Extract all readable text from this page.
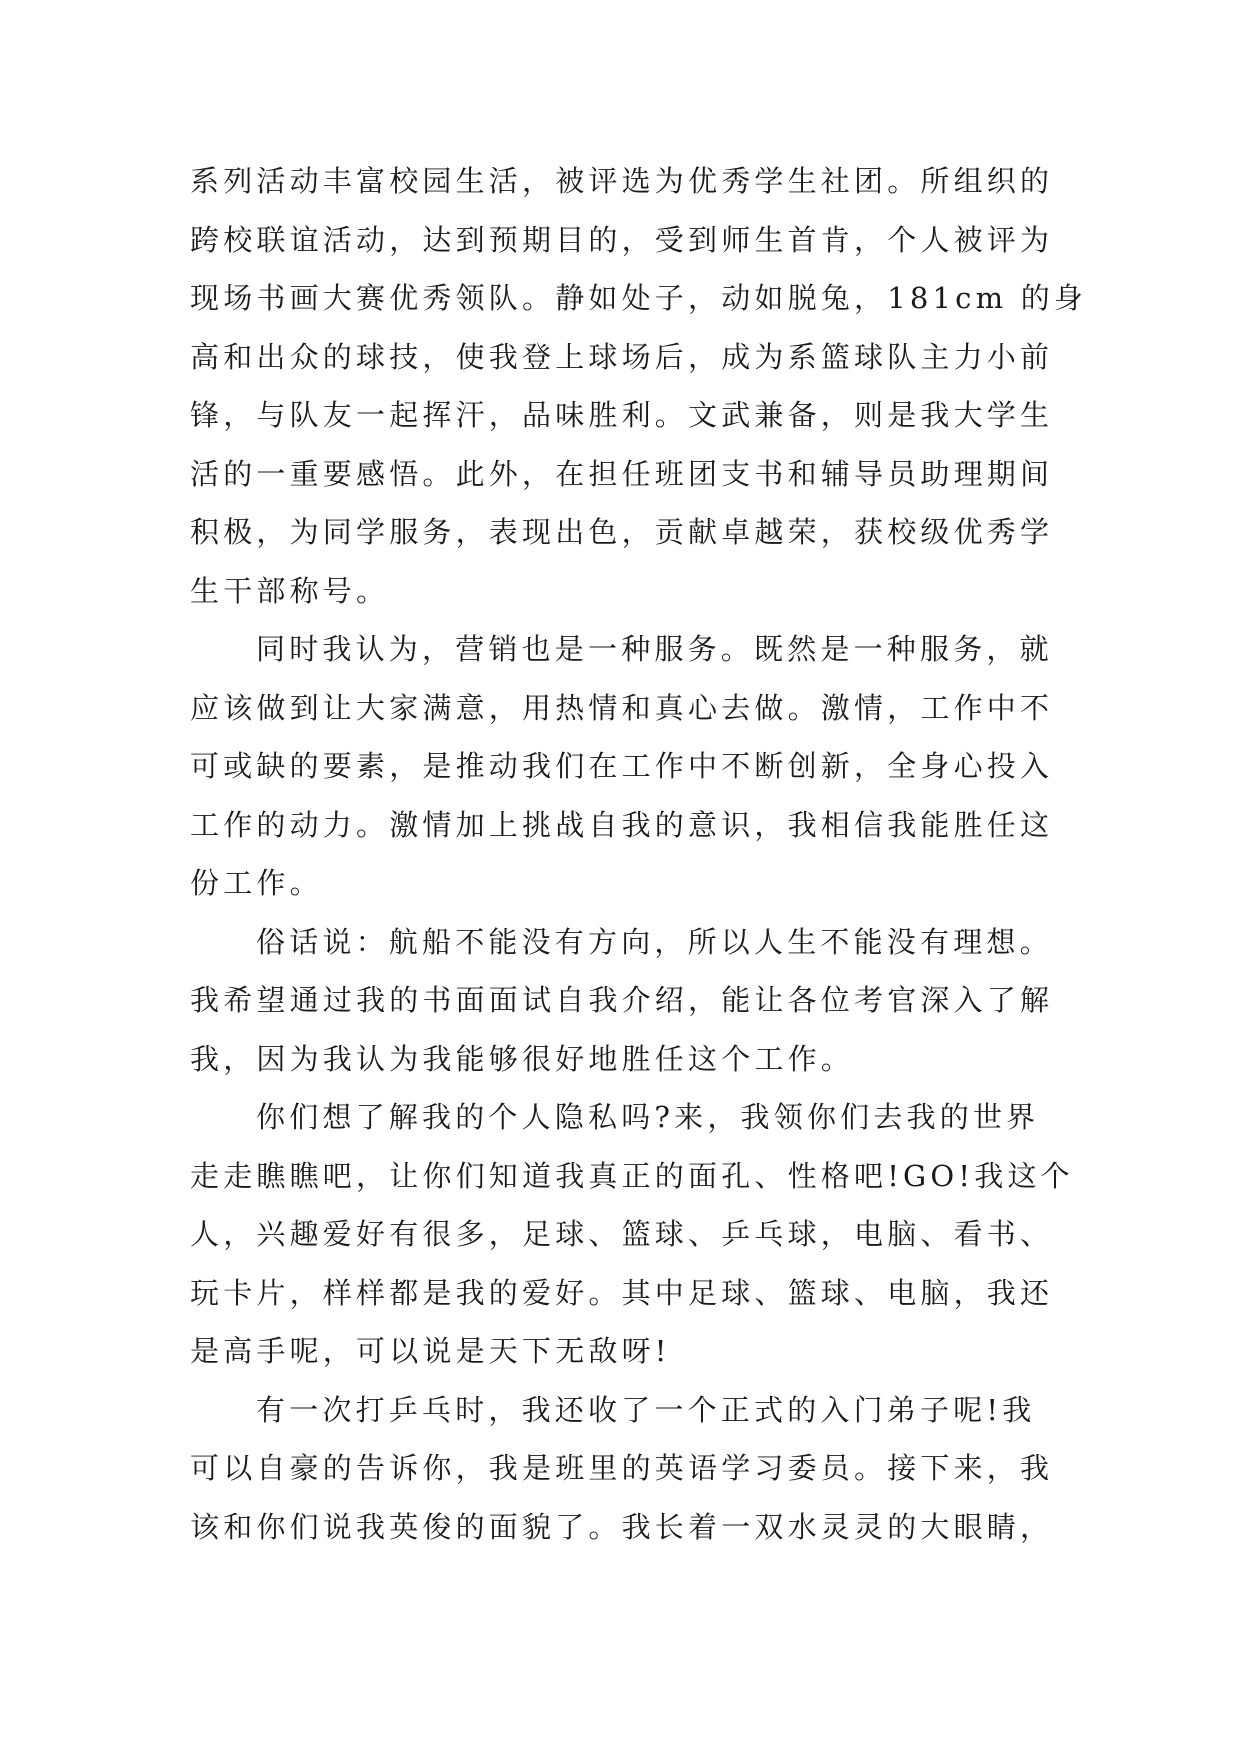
系列活动丰富校园生活，被评选为优秀学生社团。所组织的
跨校联谊活动，达到预期目的，受到师生首肯，个人被评为
现场书画大赛优秀领队。静如处子，动如脱兔，181cm 的身
高和出众的球技，使我登上球场后，成为系篮球队主力小前
锋，与队友一起挥汗，品味胜利。文武兼备，则是我大学生
活的一重要感悟。此外，在担任班团支书和辅导员助理期间
积极，为同学服务，表现出色，贡献卓越荣，获校级优秀学
生干部称号。
同时我认为，营销也是一种服务。既然是一种服务，就
应该做到让大家满意，用热情和真心去做。激情，工作中不
可或缺的要素，是推动我们在工作中不断创新，全身心投入
工作的动力。激情加上挑战自我的意识，我相信我能胜任这
份工作。
俗话说：航船不能没有方向，所以人生不能没有理想。
我希望通过我的书面面试自我介绍，能让各位考官深入了解
我，因为我认为我能够很好地胜任这个工作。
你们想了解我的个人隐私吗?来，我领你们去我的世界
走走瞧瞧吧，让你们知道我真正的面孔、性格吧!GO!我这个
人，兴趣爱好有很多，足球、篮球、乒乓球，电脑、看书、
玩卡片，样样都是我的爱好。其中足球、篮球、电脑，我还
是高手呢，可以说是天下无敌呀!
有一次打乒乓时，我还收了一个正式的入门弟子呢!我
可以自豪的告诉你，我是班里的英语学习委员。接下来，我
该和你们说我英俊的面貌了。我长着一双水灵灵的大眼睛，
